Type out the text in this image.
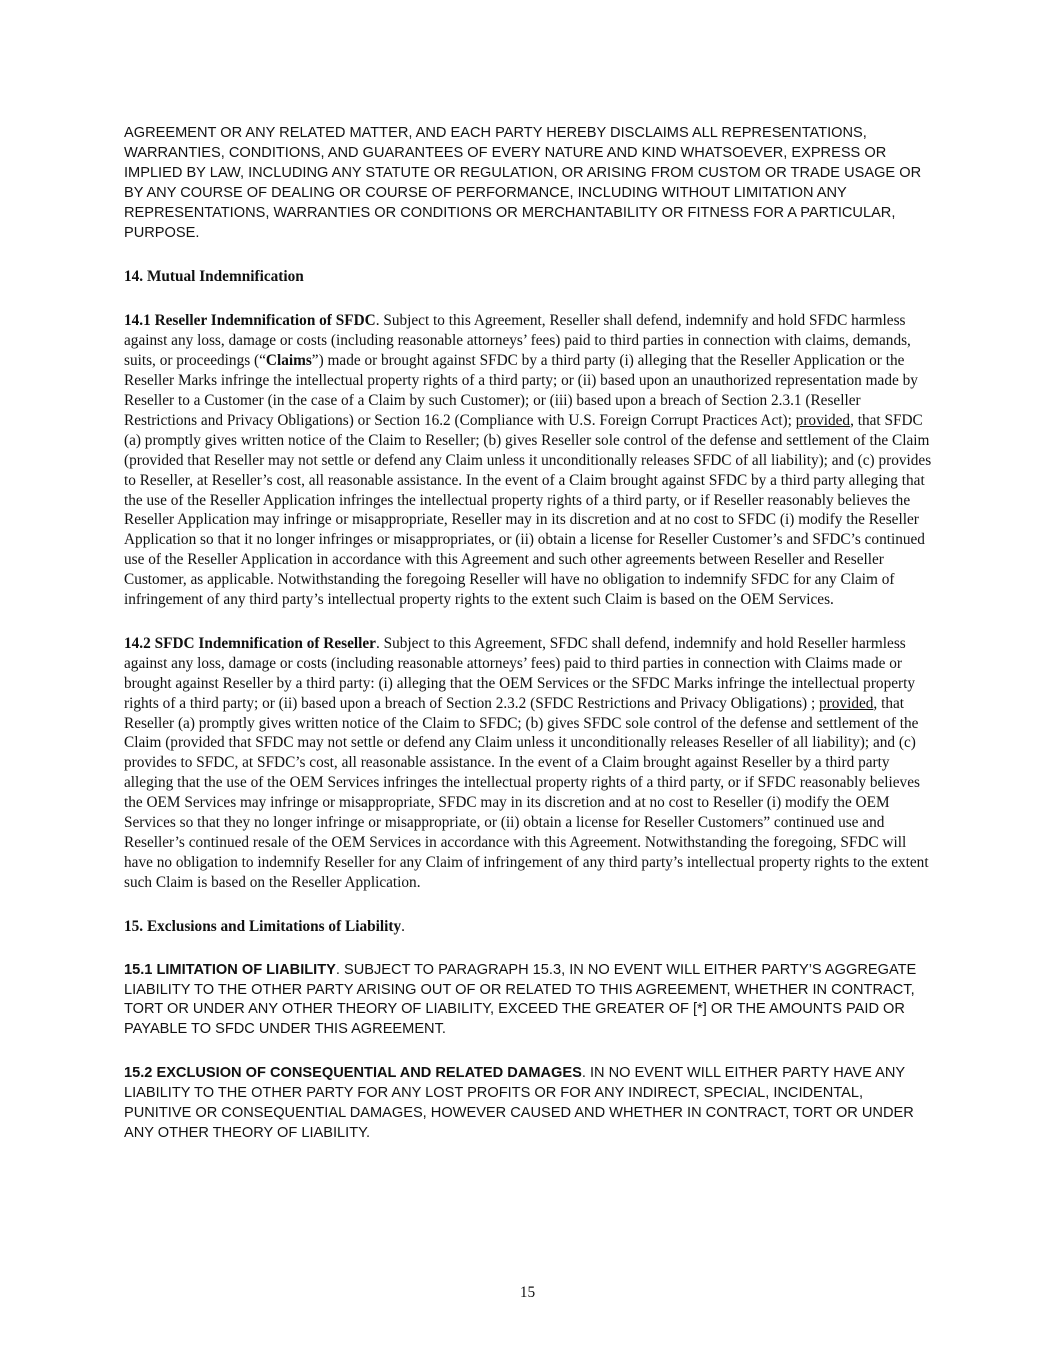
AGREEMENT OR ANY RELATED MATTER, AND EACH PARTY HEREBY DISCLAIMS ALL REPRESENTATIONS, WARRANTIES, CONDITIONS, AND GUARANTEES OF EVERY NATURE AND KIND WHATSOEVER, EXPRESS OR IMPLIED BY LAW, INCLUDING ANY STATUTE OR REGULATION, OR ARISING FROM CUSTOM OR TRADE USAGE OR BY ANY COURSE OF DEALING OR COURSE OF PERFORMANCE, INCLUDING WITHOUT LIMITATION ANY REPRESENTATIONS, WARRANTIES OR CONDITIONS OR MERCHANTABILITY OR FITNESS FOR A PARTICULAR, PURPOSE.

14. Mutual Indemnification

14.1 Reseller Indemnification of SFDC. Subject to this Agreement, Reseller shall defend, indemnify and hold SFDC harmless against any loss, damage or costs (including reasonable attorneys’ fees) paid to third parties in connection with claims, demands, suits, or proceedings (“Claims”) made or brought against SFDC by a third party (i) alleging that the Reseller Application or the Reseller Marks infringe the intellectual property rights of a third party; or (ii) based upon an unauthorized representation made by Reseller to a Customer (in the case of a Claim by such Customer); or (iii) based upon a breach of Section 2.3.1 (Reseller Restrictions and Privacy Obligations) or Section 16.2 (Compliance with U.S. Foreign Corrupt Practices Act); provided, that SFDC (a) promptly gives written notice of the Claim to Reseller; (b) gives Reseller sole control of the defense and settlement of the Claim (provided that Reseller may not settle or defend any Claim unless it unconditionally releases SFDC of all liability); and (c) provides to Reseller, at Reseller’s cost, all reasonable assistance. In the event of a Claim brought against SFDC by a third party alleging that the use of the Reseller Application infringes the intellectual property rights of a third party, or if Reseller reasonably believes the Reseller Application may infringe or misappropriate, Reseller may in its discretion and at no cost to SFDC (i) modify the Reseller Application so that it no longer infringes or misappropriates, or (ii) obtain a license for Reseller Customer’s and SFDC’s continued use of the Reseller Application in accordance with this Agreement and such other agreements between Reseller and Reseller Customer, as applicable. Notwithstanding the foregoing Reseller will have no obligation to indemnify SFDC for any Claim of infringement of any third party’s intellectual property rights to the extent such Claim is based on the OEM Services.

14.2 SFDC Indemnification of Reseller. Subject to this Agreement, SFDC shall defend, indemnify and hold Reseller harmless against any loss, damage or costs (including reasonable attorneys’ fees) paid to third parties in connection with Claims made or brought against Reseller by a third party: (i) alleging that the OEM Services or the SFDC Marks infringe the intellectual property rights of a third party; or (ii) based upon a breach of Section 2.3.2 (SFDC Restrictions and Privacy Obligations) ; provided, that Reseller (a) promptly gives written notice of the Claim to SFDC; (b) gives SFDC sole control of the defense and settlement of the Claim (provided that SFDC may not settle or defend any Claim unless it unconditionally releases Reseller of all liability); and (c) provides to SFDC, at SFDC’s cost, all reasonable assistance. In the event of a Claim brought against Reseller by a third party alleging that the use of the OEM Services infringes the intellectual property rights of a third party, or if SFDC reasonably believes the OEM Services may infringe or misappropriate, SFDC may in its discretion and at no cost to Reseller (i) modify the OEM Services so that they no longer infringe or misappropriate, or (ii) obtain a license for Reseller Customers” continued use and Reseller’s continued resale of the OEM Services in accordance with this Agreement. Notwithstanding the foregoing, SFDC will have no obligation to indemnify Reseller for any Claim of infringement of any third party’s intellectual property rights to the extent such Claim is based on the Reseller Application.

15. Exclusions and Limitations of Liability.

15.1 LIMITATION OF LIABILITY. SUBJECT TO PARAGRAPH 15.3, IN NO EVENT WILL EITHER PARTY’S AGGREGATE LIABILITY TO THE OTHER PARTY ARISING OUT OF OR RELATED TO THIS AGREEMENT, WHETHER IN CONTRACT, TORT OR UNDER ANY OTHER THEORY OF LIABILITY, EXCEED THE GREATER OF [*] OR THE AMOUNTS PAID OR PAYABLE TO SFDC UNDER THIS AGREEMENT.

15.2 EXCLUSION OF CONSEQUENTIAL AND RELATED DAMAGES. IN NO EVENT WILL EITHER PARTY HAVE ANY LIABILITY TO THE OTHER PARTY FOR ANY LOST PROFITS OR FOR ANY INDIRECT, SPECIAL, INCIDENTAL, PUNITIVE OR CONSEQUENTIAL DAMAGES, HOWEVER CAUSED AND WHETHER IN CONTRACT, TORT OR UNDER ANY OTHER THEORY OF LIABILITY.

15
